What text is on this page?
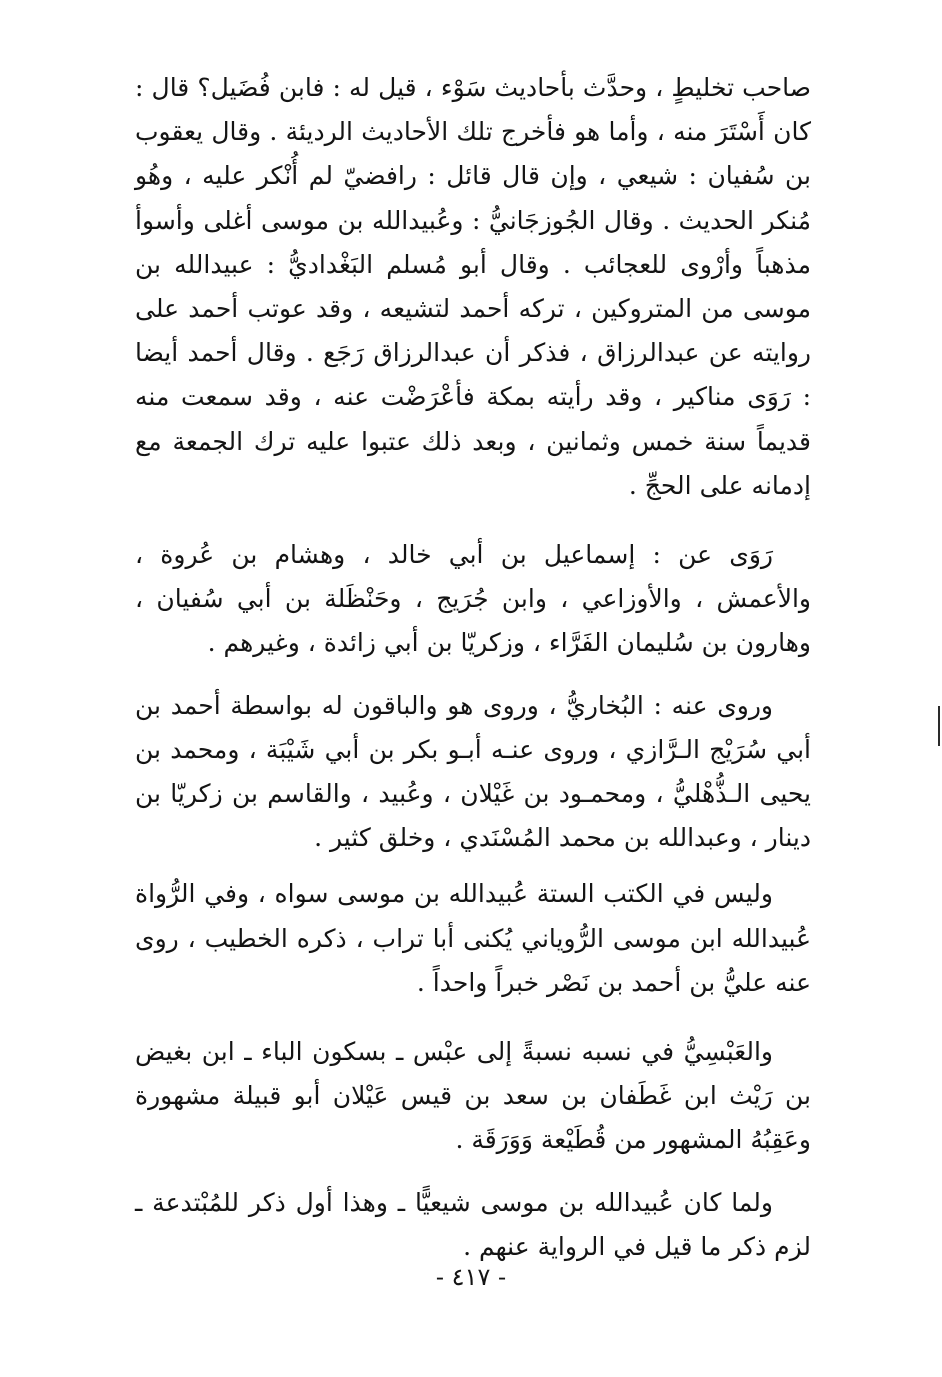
صاحب تخليطٍ ، وحدَّث بأحاديث سَوْء ، قيل له : فابن فُضَيل؟ قال : كان أَسْتَرَ منه ، وأما هو فأخرج تلك الأحاديث الرديئة . وقال يعقوب بن سُفيان : شيعي ، وإن قال قائل : رافضيّ لم أُنْكر عليه ، وهُو مُنكر الحديث . وقال الجُوزجَانيُّ : وعُبيدالله بن موسى أغلى وأسوأ مذهباً وأرْوى للعجائب . وقال أبو مُسلم البَغْداديُّ : عبيدالله بن موسى من المتروكين ، تركه أحمد لتشيعه ، وقد عوتب أحمد على روايته عن عبدالرزاق ، فذكر أن عبدالرزاق رَجَع . وقال أحمد أيضا : رَوَى مناكير ، وقد رأيته بمكة فأعْرَضْت عنه ، وقد سمعت منه قديماً سنة خمس وثمانين ، وبعد ذلك عتبوا عليه ترك الجمعة مع إدمانه على الحجِّ .

رَوَى عن : إسماعيل بن أبي خالد ، وهشام بن عُروة ، والأعمش ، والأوزاعي ، وابن جُرَيج ، وحَنْظَلة بن أبي سُفيان ، وهارون بن سُليمان الفَرَّاء ، وزكريّا بن أبي زائدة ، وغيرهم .

وروى عنه : البُخاريُّ ، وروى هو والباقون له بواسطة أحمد بن أبي سُرَيْج الـرَّازي ، وروى عنـه أبـو بكر بن أبي شَيْبَة ، ومحمد بن يحيى الـذُّهْليُّ ، ومحمـود بن غَيْلان ، وعُبيد ، والقاسم بن زكريّا بن دينار ، وعبدالله بن محمد المُسْنَدي ، وخلق كثير .

وليس في الكتب الستة عُبيدالله بن موسى سواه ، وفي الرُّواة عُبيدالله ابن موسى الرُّوياني يُكنى أبا تراب ، ذكره الخطيب ، روى عنه عليُّ بن أحمد بن نَصْر خبراً واحداً .

والعَبْسِيُّ في نسبه نسبةً إلى عبْس ـ بسكون الباء ـ ابن بغيض بن رَيْث ابن غَطَفان بن سعد بن قيس عَيْلان أبو قبيلة مشهورة وعَقِبُهُ المشهور من قُطَيْعة وَوَرَقَة .

ولما كان عُبيدالله بن موسى شيعيًّا ـ وهذا أول ذكر للمُبْتدعة ـ لزم ذكر ما قيل في الرواية عنهم .

- ٤١٧ -
